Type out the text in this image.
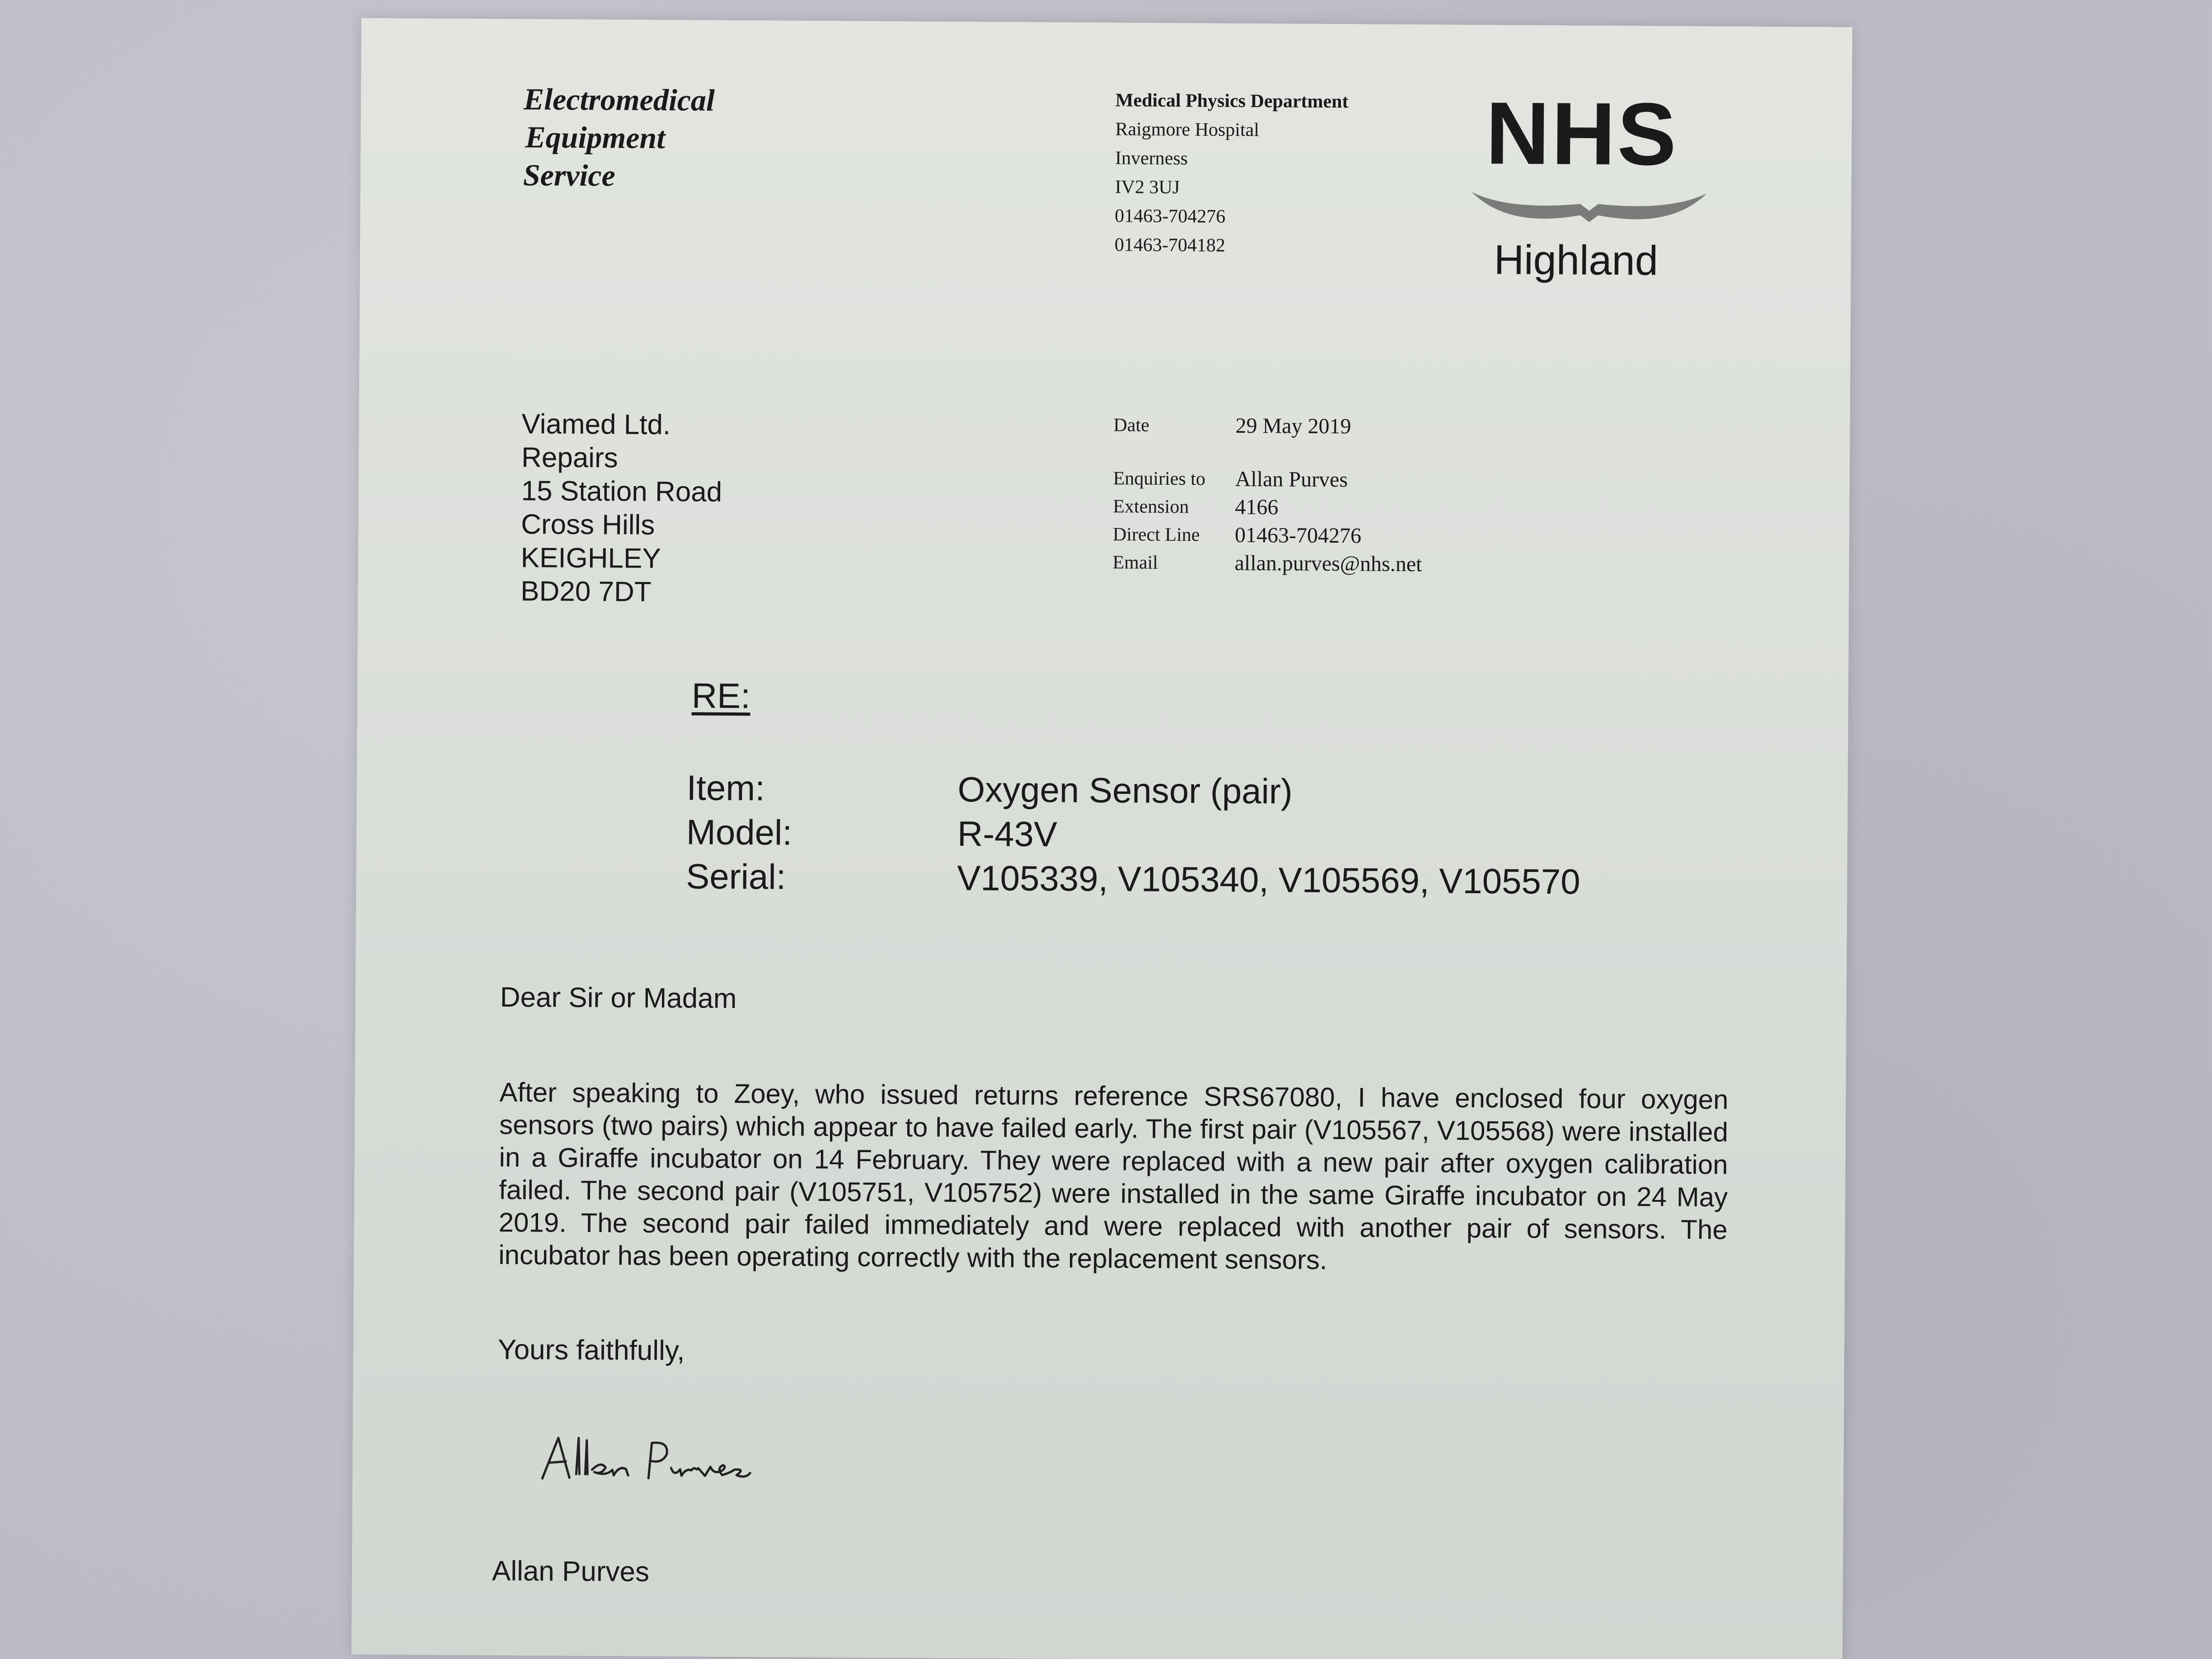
Electromedical
Equipment
Service
Medical Physics Department
Raigmore Hospital
Inverness
IV2 3UJ
01463-704276
01463-704182
NHS
Highland
Viamed Ltd.
Repairs
15 Station Road
Cross Hills
KEIGHLEY
BD20 7DT
Date	29 May 2019
Enquiries to	Allan Purves
Extension	4166
Direct Line	01463-704276
Email	allan.purves@nhs.net
RE:
Item:	Oxygen Sensor (pair)
Model:	R-43V
Serial:	V105339, V105340, V105569, V105570
Dear Sir or Madam
After speaking to Zoey, who issued returns reference SRS67080, I have enclosed four oxygen sensors (two pairs) which appear to have failed early. The first pair (V105567, V105568) were installed in a Giraffe incubator on 14 February. They were replaced with a new pair after oxygen calibration failed. The second pair (V105751, V105752) were installed in the same Giraffe incubator on 24 May 2019. The second pair failed immediately and were replaced with another pair of sensors. The incubator has been operating correctly with the replacement sensors.
Yours faithfully,
Allan Purves
